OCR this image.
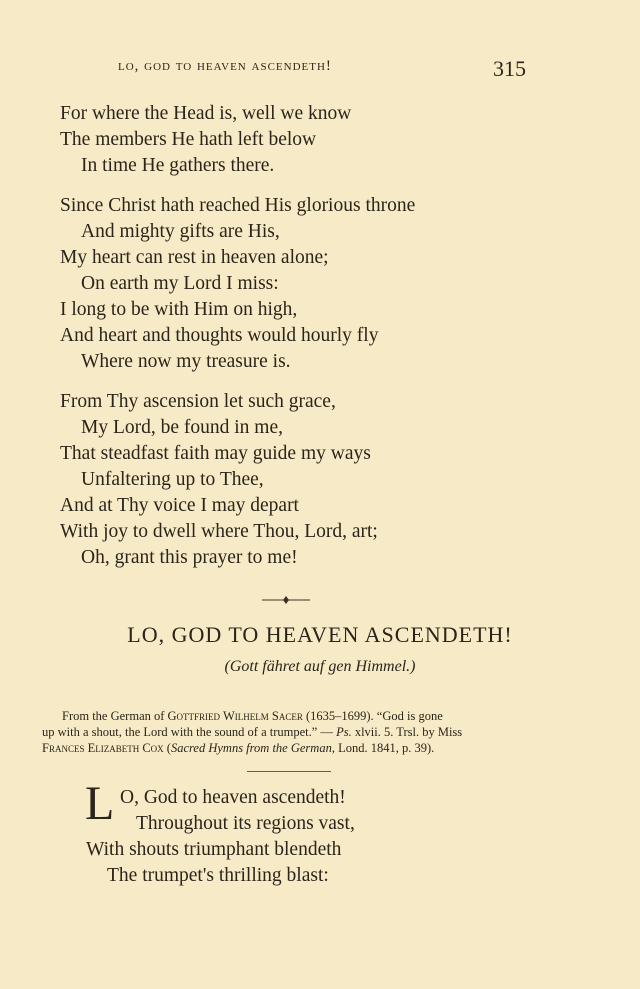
lo, god to heaven ascendeth!	315
For where the Head is, well we know
The members He hath left below
In time He gathers there.
Since Christ hath reached His glorious throne
And mighty gifts are His,
My heart can rest in heaven alone;
On earth my Lord I miss:
I long to be with Him on high,
And heart and thoughts would hourly fly
Where now my treasure is.
From Thy ascension let such grace,
My Lord, be found in me,
That steadfast faith may guide my ways
Unfaltering up to Thee,
And at Thy voice I may depart
With joy to dwell where Thou, Lord, art;
Oh, grant this prayer to me!
LO, GOD TO HEAVEN ASCENDETH!
(Gott fähret auf gen Himmel.)
From the German of Gottfried Wilhelm Sacer (1635–1699). “God is gone
up with a shout, the Lord with the sound of a trumpet.” — Ps. xlvii. 5. Trsl. by Miss
Frances Elizabeth Cox (Sacred Hymns from the German, Lond. 1841, p. 39).
L O, God to heaven ascendeth!
Throughout its regions vast,
With shouts triumphant blendeth
The trumpet's thrilling blast:
